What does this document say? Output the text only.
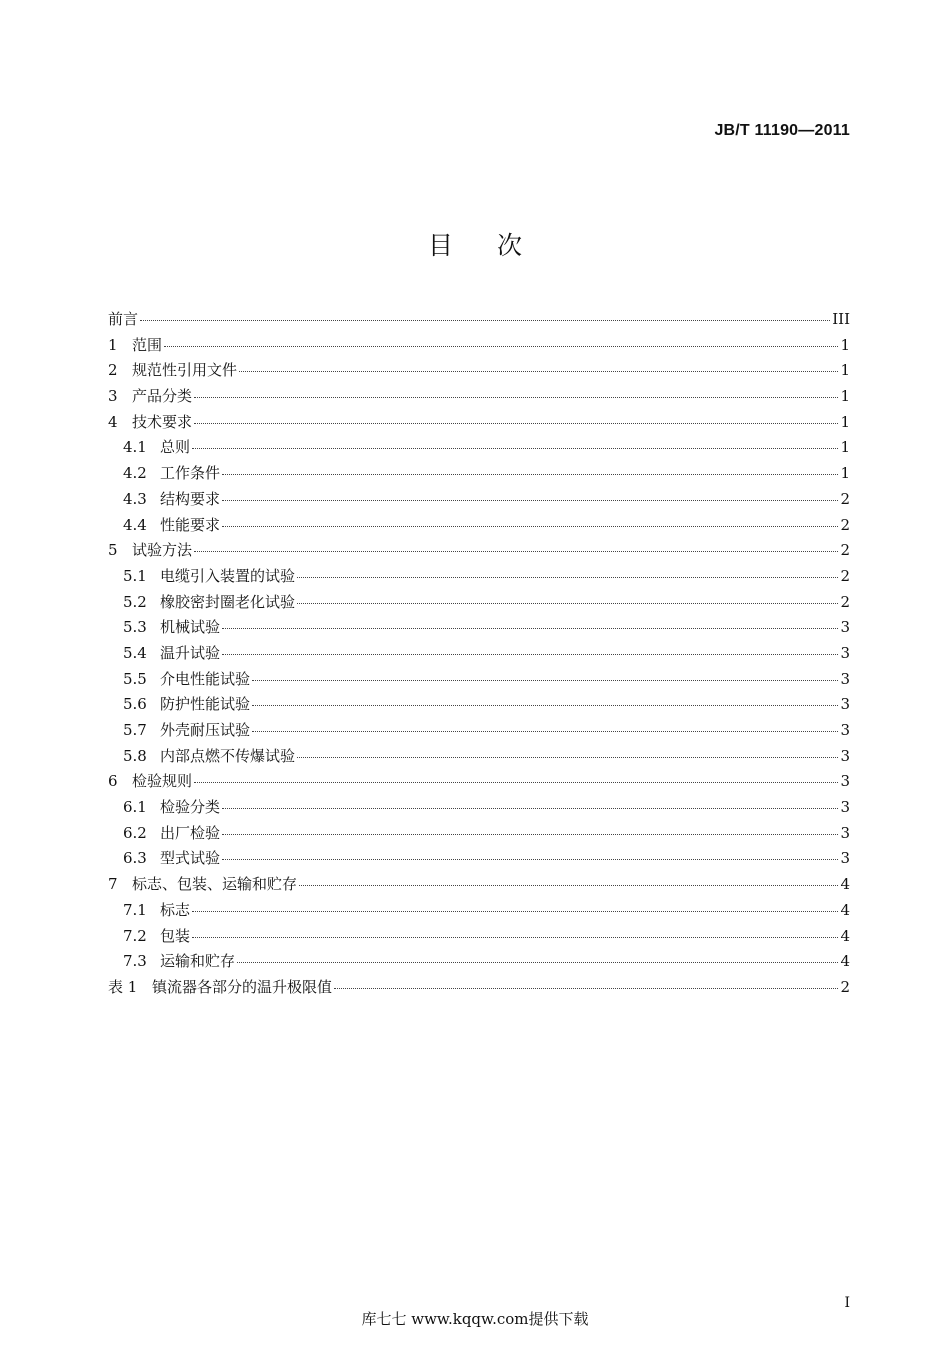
JB/T 11190—2011
目次
前言	III
1 范围	1
2 规范性引用文件	1
3 产品分类	1
4 技术要求	1
4.1 总则	1
4.2 工作条件	1
4.3 结构要求	2
4.4 性能要求	2
5 试验方法	2
5.1 电缆引入装置的试验	2
5.2 橡胶密封圈老化试验	2
5.3 机械试验	3
5.4 温升试验	3
5.5 介电性能试验	3
5.6 防护性能试验	3
5.7 外壳耐压试验	3
5.8 内部点燃不传爆试验	3
6 检验规则	3
6.1 检验分类	3
6.2 出厂检验	3
6.3 型式试验	3
7 标志、包装、运输和贮存	4
7.1 标志	4
7.2 包装	4
7.3 运输和贮存	4
表 1 镇流器各部分的温升极限值	2
I
库七七 www.kqqw.com提供下载
